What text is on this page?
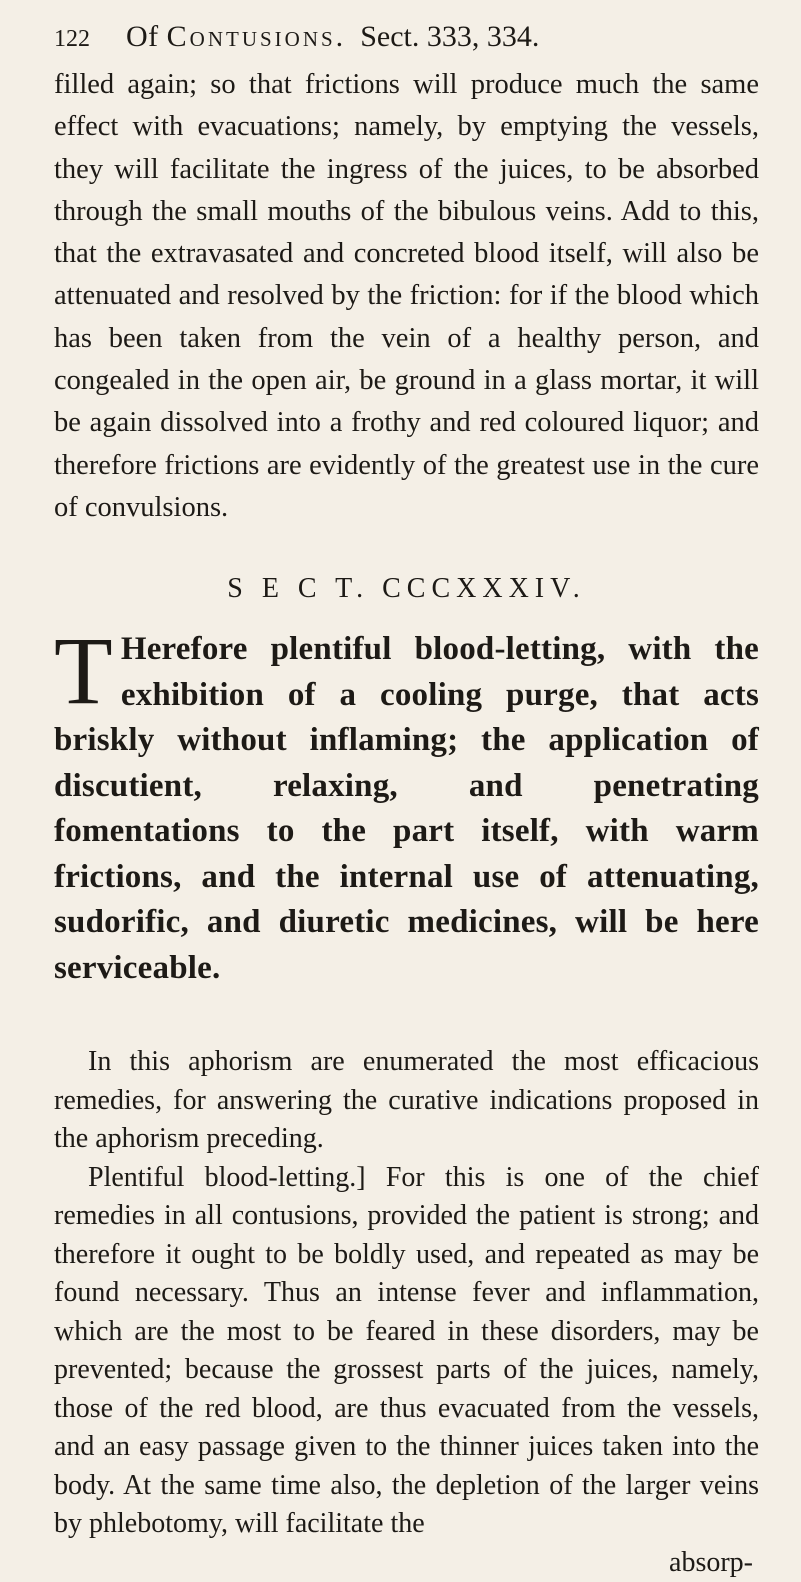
122	Of Contusions. Sect. 333, 334.

filled again; so that frictions will produce much the same effect with evacuations; namely, by emptying the vessels, they will facilitate the ingress of the juices, to be absorbed through the small mouths of the bibulous veins. Add to this, that the extravasated and concreted blood itself, will also be attenuated and resolved by the friction: for if the blood which has been taken from the vein of a healthy person, and congealed in the open air, be ground in a glass mortar, it will be again dissolved into a frothy and red coloured liquor; and therefore frictions are evidently of the greatest use in the cure of convulsions.

S E C T. CCCXXXIV.

T Herefore plentiful blood-letting, with the exhibition of a cooling purge, that acts briskly without inflaming; the application of discutient, relaxing, and penetrating fomentations to the part itself, with warm frictions, and the internal use of attenuating, sudorific, and diuretic medicines, will be here serviceable.

In this aphorism are enumerated the most efficacious remedies, for answering the curative indications proposed in the aphorism preceding.

Plentiful blood-letting.] For this is one of the chief remedies in all contusions, provided the patient is strong; and therefore it ought to be boldly used, and repeated as may be found necessary. Thus an intense fever and inflammation, which are the most to be feared in these disorders, may be prevented; because the grossest parts of the juices, namely, those of the red blood, are thus evacuated from the vessels, and an easy passage given to the thinner juices taken into the body. At the same time also, the depletion of the larger veins by phlebotomy, will facilitate the

absorp-
